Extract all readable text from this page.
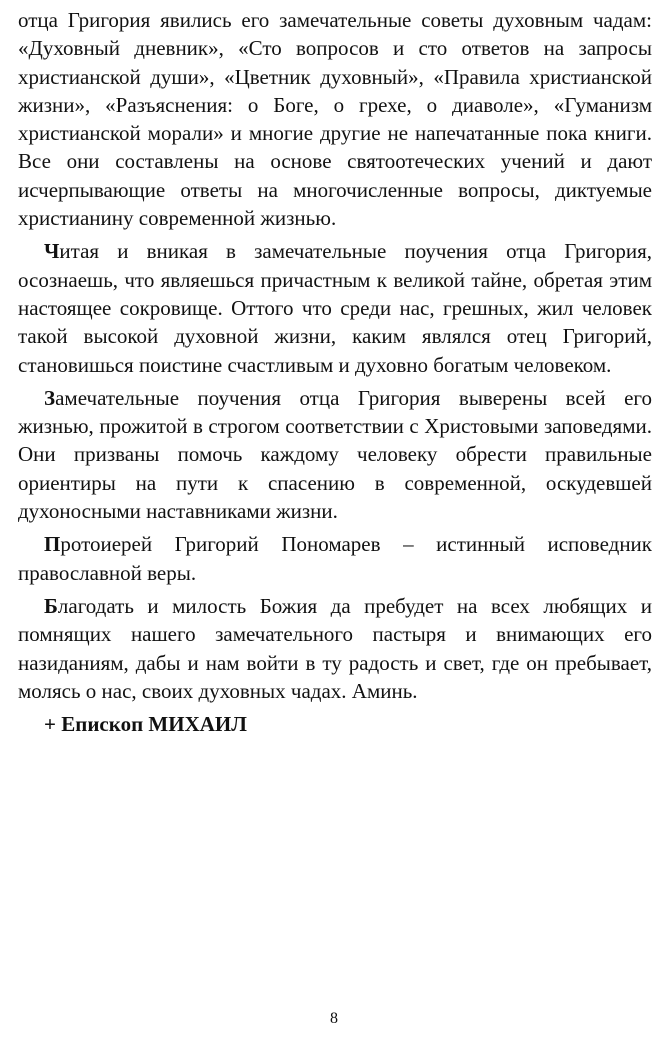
отца Григория явились его замечательные советы духовным чадам: «Духовный дневник», «Сто вопросов и сто ответов на запросы христианской души», «Цветник духовный», «Правила христианской жизни», «Разъяснения: о Боге, о грехе, о диаволе», «Гуманизм христианской морали» и многие другие не напечатанные пока книги. Все они составлены на основе святоотеческих учений и дают исчерпывающие ответы на многочисленные вопросы, диктуемые христианину современной жизнью.

Читая и вникая в замечательные поучения отца Григория, осознаешь, что являешься причастным к великой тайне, обретая этим настоящее сокровище. Оттого что среди нас, грешных, жил человек такой высокой духовной жизни, каким являлся отец Григорий, становишься поистине счастливым и духовно богатым человеком.

Замечательные поучения отца Григория выверены всей его жизнью, прожитой в строгом соответствии с Христовыми заповедями. Они призваны помочь каждому человеку обрести правильные ориентиры на пути к спасению в современной, оскудевшей духоносными наставниками жизни.

Протоиерей Григорий Пономарев – истинный исповедник православной веры.

Благодать и милость Божия да пребудет на всех любящих и помнящих нашего замечательного пастыря и внимающих его назиданиям, дабы и нам войти в ту радость и свет, где он пребывает, молясь о нас, своих духовных чадах. Аминь.

+ Епископ МИХАИЛ

8
